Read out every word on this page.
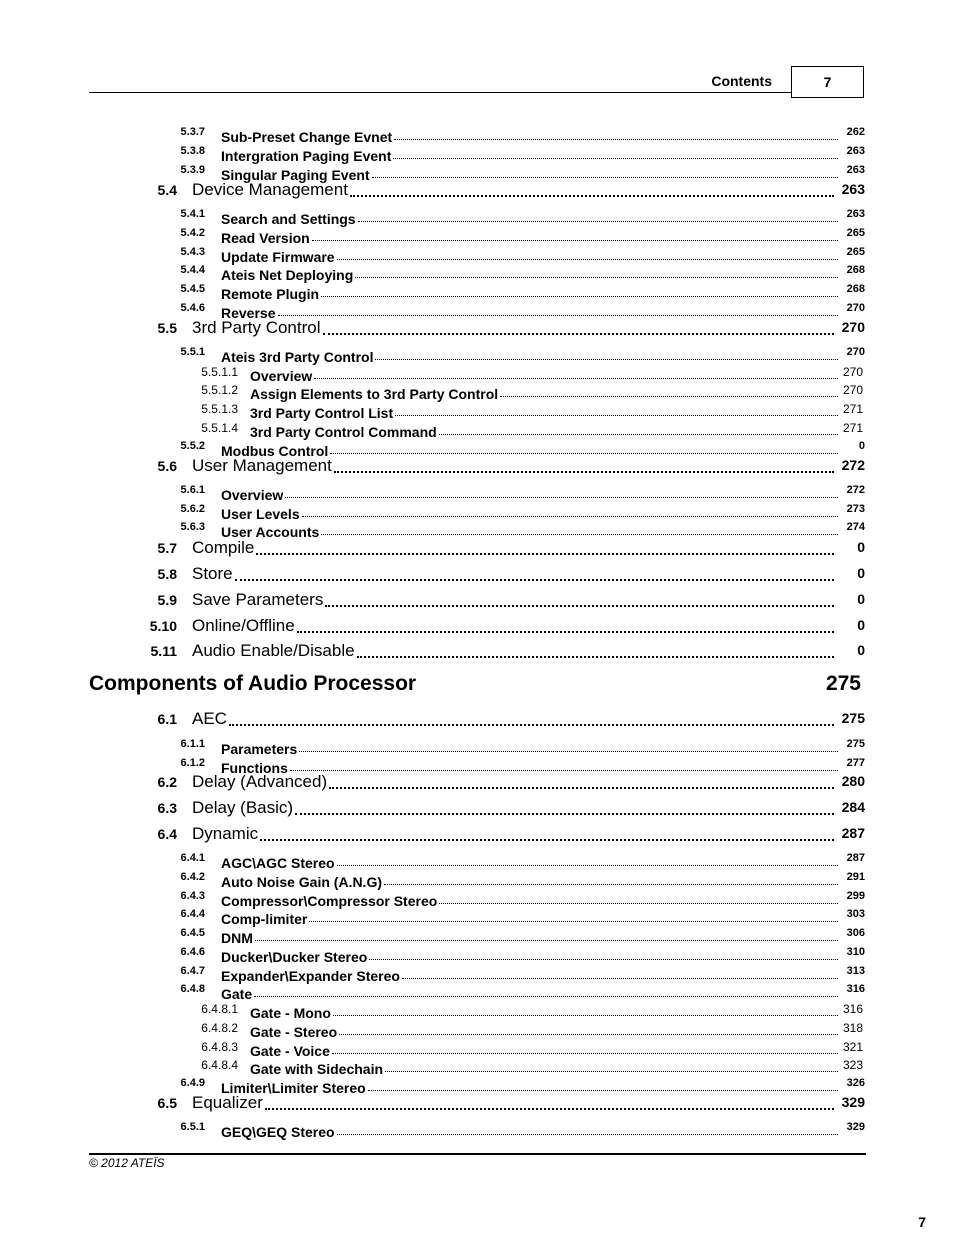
Contents	7
5.3.7 Sub-Preset Change Evnet	262
5.3.8 Intergration Paging Event	263
5.3.9 Singular Paging Event	263
5.4 Device Management	263
5.4.1 Search and Settings	263
5.4.2 Read Version	265
5.4.3 Update Firmware	265
5.4.4 Ateis Net Deploying	268
5.4.5 Remote Plugin	268
5.4.6 Reverse	270
5.5 3rd Party Control	270
5.5.1 Ateis 3rd Party Control	270
5.5.1.1 Overview	270
5.5.1.2 Assign Elements to 3rd Party Control	270
5.5.1.3 3rd Party Control List	271
5.5.1.4 3rd Party Control Command	271
5.5.2 Modbus Control	0
5.6 User Management	272
5.6.1 Overview	272
5.6.2 User Levels	273
5.6.3 User Accounts	274
5.7 Compile	0
5.8 Store	0
5.9 Save Parameters	0
5.10 Online/Offline	0
5.11 Audio Enable/Disable	0
Components of Audio Processor	275
6.1 AEC	275
6.1.1 Parameters	275
6.1.2 Functions	277
6.2 Delay (Advanced)	280
6.3 Delay (Basic)	284
6.4 Dynamic	287
6.4.1 AGC\AGC Stereo	287
6.4.2 Auto Noise Gain (A.N.G)	291
6.4.3 Compressor\Compressor Stereo	299
6.4.4 Comp-limiter	303
6.4.5 DNM	306
6.4.6 Ducker\Ducker Stereo	310
6.4.7 Expander\Expander Stereo	313
6.4.8 Gate	316
6.4.8.1 Gate - Mono	316
6.4.8.2 Gate - Stereo	318
6.4.8.3 Gate - Voice	321
6.4.8.4 Gate with Sidechain	323
6.4.9 Limiter\Limiter Stereo	326
6.5 Equalizer	329
6.5.1 GEQ\GEQ Stereo	329
© 2012 ATEÏS
7
